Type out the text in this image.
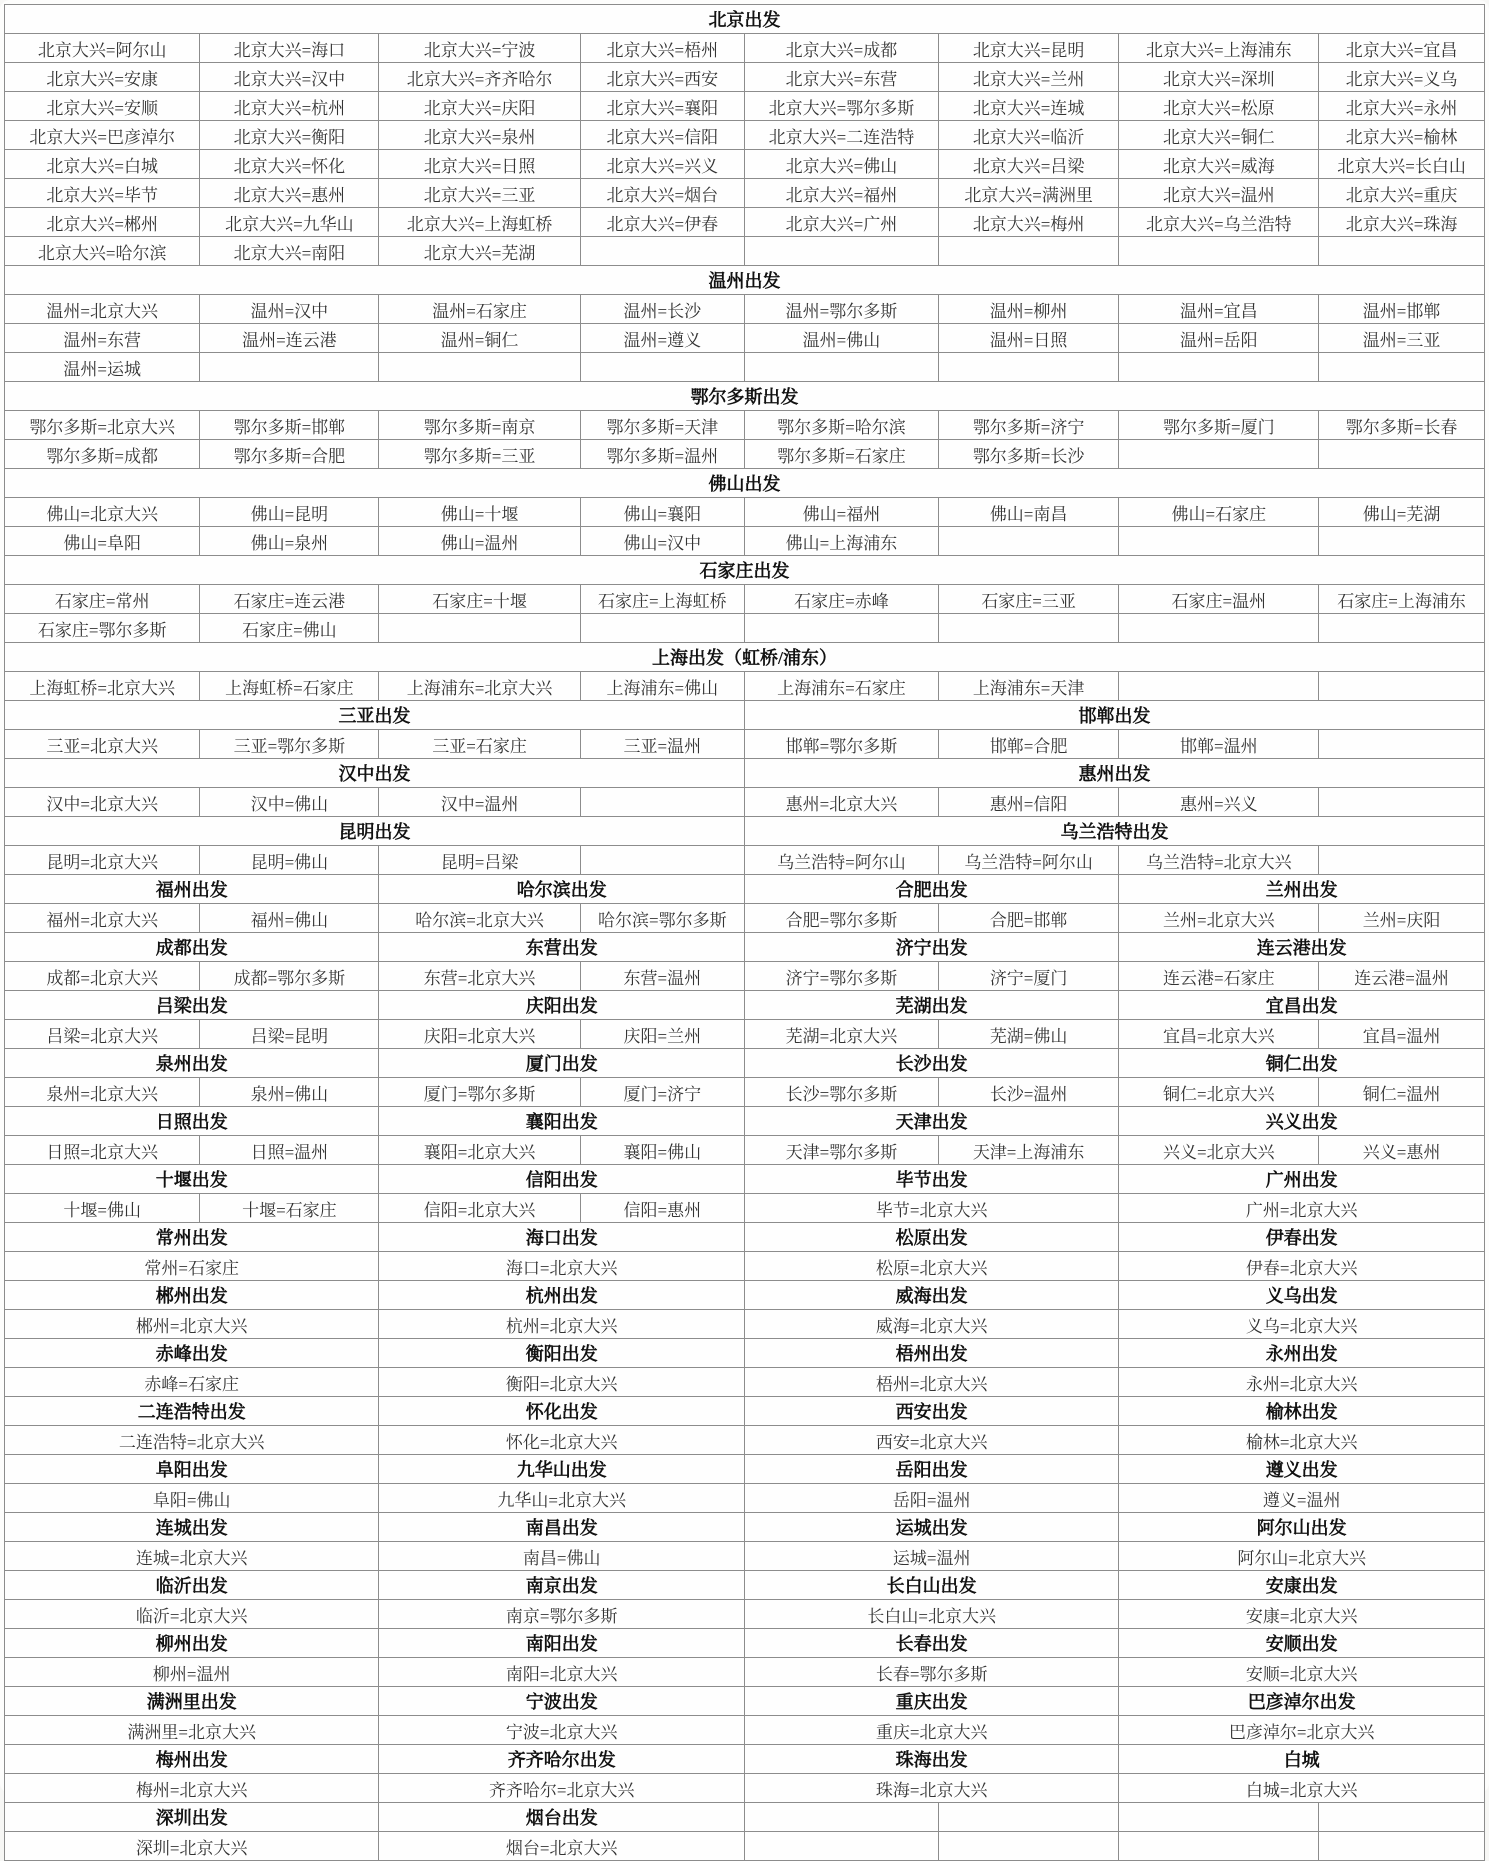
北京出发							
北京大兴=阿尔山	北京大兴=海口	北京大兴=宁波	北京大兴=梧州	北京大兴=成都	北京大兴=昆明	北京大兴=上海浦东	北京大兴=宜昌
北京大兴=安康	北京大兴=汉中	北京大兴=齐齐哈尔	北京大兴=西安	北京大兴=东营	北京大兴=兰州	北京大兴=深圳	北京大兴=义乌
北京大兴=安顺	北京大兴=杭州	北京大兴=庆阳	北京大兴=襄阳	北京大兴=鄂尔多斯	北京大兴=连城	北京大兴=松原	北京大兴=永州
北京大兴=巴彦淖尔	北京大兴=衡阳	北京大兴=泉州	北京大兴=信阳	北京大兴=二连浩特	北京大兴=临沂	北京大兴=铜仁	北京大兴=榆林
北京大兴=白城	北京大兴=怀化	北京大兴=日照	北京大兴=兴义	北京大兴=佛山	北京大兴=吕梁	北京大兴=威海	北京大兴=长白山
北京大兴=毕节	北京大兴=惠州	北京大兴=三亚	北京大兴=烟台	北京大兴=福州	北京大兴=满洲里	北京大兴=温州	北京大兴=重庆
北京大兴=郴州	北京大兴=九华山	北京大兴=上海虹桥	北京大兴=伊春	北京大兴=广州	北京大兴=梅州	北京大兴=乌兰浩特	北京大兴=珠海
北京大兴=哈尔滨	北京大兴=南阳	北京大兴=芜湖					
温州出发							
温州=北京大兴	温州=汉中	温州=石家庄	温州=长沙	温州=鄂尔多斯	温州=柳州	温州=宜昌	温州=邯郸
温州=东营	温州=连云港	温州=铜仁	温州=遵义	温州=佛山	温州=日照	温州=岳阳	温州=三亚
温州=运城							
鄂尔多斯出发							
鄂尔多斯=北京大兴	鄂尔多斯=邯郸	鄂尔多斯=南京	鄂尔多斯=天津	鄂尔多斯=哈尔滨	鄂尔多斯=济宁	鄂尔多斯=厦门	鄂尔多斯=长春
鄂尔多斯=成都	鄂尔多斯=合肥	鄂尔多斯=三亚	鄂尔多斯=温州	鄂尔多斯=石家庄	鄂尔多斯=长沙		
佛山出发							
佛山=北京大兴	佛山=昆明	佛山=十堰	佛山=襄阳	佛山=福州	佛山=南昌	佛山=石家庄	佛山=芜湖
佛山=阜阳	佛山=泉州	佛山=温州	佛山=汉中	佛山=上海浦东			
石家庄出发							
石家庄=常州	石家庄=连云港	石家庄=十堰	石家庄=上海虹桥	石家庄=赤峰	石家庄=三亚	石家庄=温州	石家庄=上海浦东
石家庄=鄂尔多斯	石家庄=佛山						
上海出发（虹桥/浦东）							
上海虹桥=北京大兴	上海虹桥=石家庄	上海浦东=北京大兴	上海浦东=佛山	上海浦东=石家庄	上海浦东=天津		
三亚出发				邯郸出发			
三亚=北京大兴	三亚=鄂尔多斯	三亚=石家庄	三亚=温州	邯郸=鄂尔多斯	邯郸=合肥	邯郸=温州	
汉中出发				惠州出发			
汉中=北京大兴	汉中=佛山	汉中=温州		惠州=北京大兴	惠州=信阳	惠州=兴义	
昆明出发				乌兰浩特出发			
昆明=北京大兴	昆明=佛山	昆明=吕梁		乌兰浩特=阿尔山	乌兰浩特=阿尔山	乌兰浩特=北京大兴	
福州出发		哈尔滨出发		合肥出发		兰州出发	
福州=北京大兴	福州=佛山	哈尔滨=北京大兴	哈尔滨=鄂尔多斯	合肥=鄂尔多斯	合肥=邯郸	兰州=北京大兴	兰州=庆阳
成都出发		东营出发		济宁出发		连云港出发	
成都=北京大兴	成都=鄂尔多斯	东营=北京大兴	东营=温州	济宁=鄂尔多斯	济宁=厦门	连云港=石家庄	连云港=温州
吕梁出发		庆阳出发		芜湖出发		宜昌出发	
吕梁=北京大兴	吕梁=昆明	庆阳=北京大兴	庆阳=兰州	芜湖=北京大兴	芜湖=佛山	宜昌=北京大兴	宜昌=温州
泉州出发		厦门出发		长沙出发		铜仁出发	
泉州=北京大兴	泉州=佛山	厦门=鄂尔多斯	厦门=济宁	长沙=鄂尔多斯	长沙=温州	铜仁=北京大兴	铜仁=温州
日照出发		襄阳出发		天津出发		兴义出发	
日照=北京大兴	日照=温州	襄阳=北京大兴	襄阳=佛山	天津=鄂尔多斯	天津=上海浦东	兴义=北京大兴	兴义=惠州
十堰出发		信阳出发		毕节出发		广州出发	
十堰=佛山	十堰=石家庄	信阳=北京大兴	信阳=惠州	毕节=北京大兴		广州=北京大兴	
常州出发		海口出发		松原出发		伊春出发	
常州=石家庄		海口=北京大兴		松原=北京大兴		伊春=北京大兴	
郴州出发		杭州出发		威海出发		义乌出发	
郴州=北京大兴		杭州=北京大兴		威海=北京大兴		义乌=北京大兴	
赤峰出发		衡阳出发		梧州出发		永州出发	
赤峰=石家庄		衡阳=北京大兴		梧州=北京大兴		永州=北京大兴	
二连浩特出发		怀化出发		西安出发		榆林出发	
二连浩特=北京大兴		怀化=北京大兴		西安=北京大兴		榆林=北京大兴	
阜阳出发		九华山出发		岳阳出发		遵义出发	
阜阳=佛山		九华山=北京大兴		岳阳=温州		遵义=温州	
连城出发		南昌出发		运城出发		阿尔山出发	
连城=北京大兴		南昌=佛山		运城=温州		阿尔山=北京大兴	
临沂出发		南京出发		长白山出发		安康出发	
临沂=北京大兴		南京=鄂尔多斯		长白山=北京大兴		安康=北京大兴	
柳州出发		南阳出发		长春出发		安顺出发	
柳州=温州		南阳=北京大兴		长春=鄂尔多斯		安顺=北京大兴	
满洲里出发		宁波出发		重庆出发		巴彦淖尔出发	
满洲里=北京大兴		宁波=北京大兴		重庆=北京大兴		巴彦淖尔=北京大兴	
梅州出发		齐齐哈尔出发		珠海出发		白城	
梅州=北京大兴		齐齐哈尔=北京大兴		珠海=北京大兴		白城=北京大兴	
深圳出发		烟台出发					
深圳=北京大兴		烟台=北京大兴					
